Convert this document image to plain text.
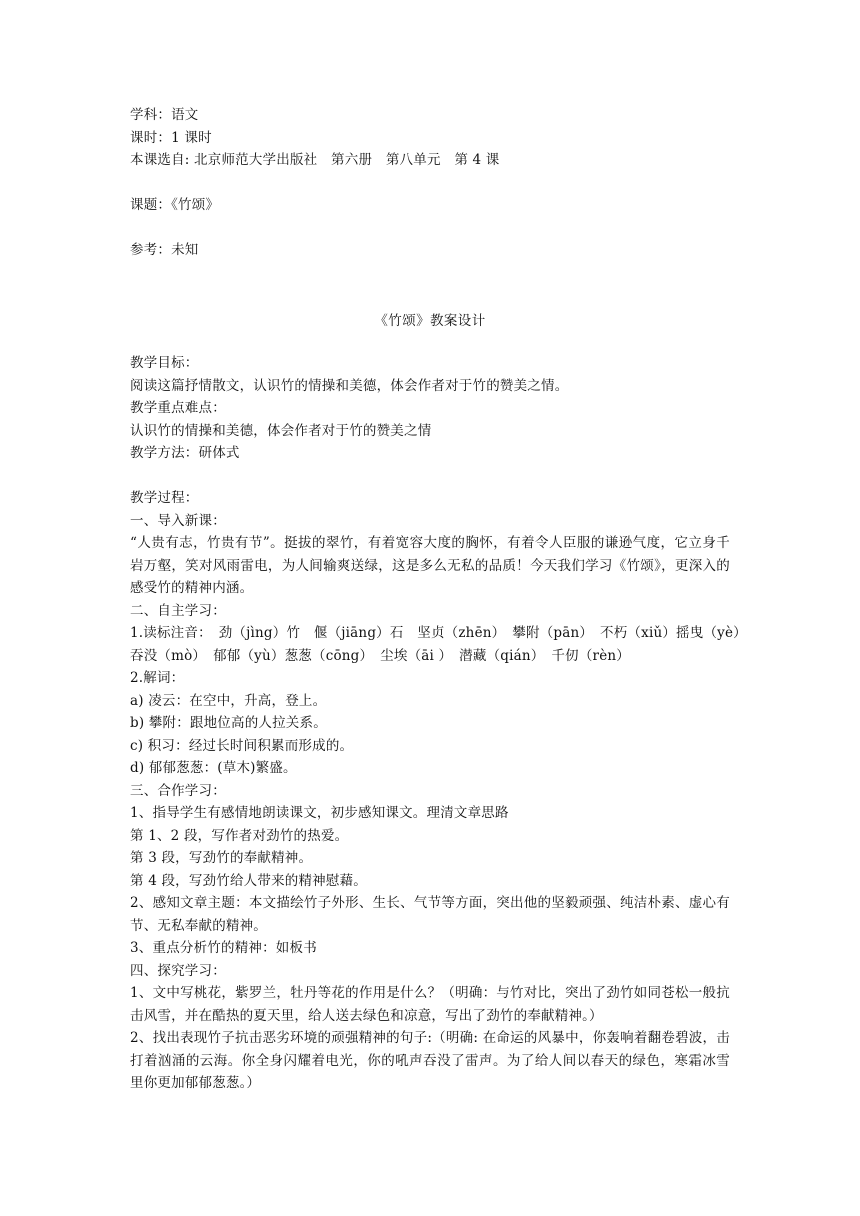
学科：语文
课时：1 课时
本课选自: 北京师范大学出版社　第六册　第八单元　第 4 课
课题：《竹颂》
参考：未知
《竹颂》教案设计
教学目标：
阅读这篇抒情散文，认识竹的情操和美德，体会作者对于竹的赞美之情。
教学重点难点：
认识竹的情操和美德，体会作者对于竹的赞美之情
教学方法：研体式
教学过程：
一、导入新课：
“人贵有志，竹贵有节”。挺拔的翠竹，有着宽容大度的胸怀，有着令人臣服的谦逊气度，它立身千岩万壑，笑对风雨雷电，为人间输爽送绿，这是多么无私的品质！今天我们学习《竹颂》，更深入的感受竹的精神内涵。
二、自主学习：
1.读标注音：　劲（jìng）竹　偃（jiāng）石　坚贞（zhēn）　攀附（pān）　不朽（xiǔ）摇曳（yè）
吞没（mò）　郁郁（yù）葱葱（cōng）　尘埃（āi ）　潜藏（qián）　千仞（rèn）
2.解词：
a) 凌云：在空中，升高，登上。
b) 攀附：跟地位高的人拉关系。
c) 积习：经过长时间积累而形成的。
d) 郁郁葱葱：(草木)繁盛。
三、合作学习：
1、指导学生有感情地朗读课文，初步感知课文。理清文章思路
第 1、2 段，写作者对劲竹的热爱。
第 3 段，写劲竹的奉献精神。
第 4 段，写劲竹给人带来的精神慰藉。
2、感知文章主题：本文描绘竹子外形、生长、气节等方面，突出他的坚毅顽强、纯洁朴素、虚心有节、无私奉献的精神。
3、重点分析竹的精神：如板书
四、探究学习：
1、文中写桃花，紫罗兰，牡丹等花的作用是什么？（明确：与竹对比，突出了劲竹如同苍松一般抗击风雪，并在酷热的夏天里，给人送去绿色和凉意，写出了劲竹的奉献精神。）
2、找出表现竹子抗击恶劣环境的顽强精神的句子:（明确: 在命运的风暴中，你轰响着翻卷碧波，击打着汹涌的云海。你全身闪耀着电光，你的吼声吞没了雷声。为了给人间以春天的绿色，寒霜冰雪里你更加郁郁葱葱。）
